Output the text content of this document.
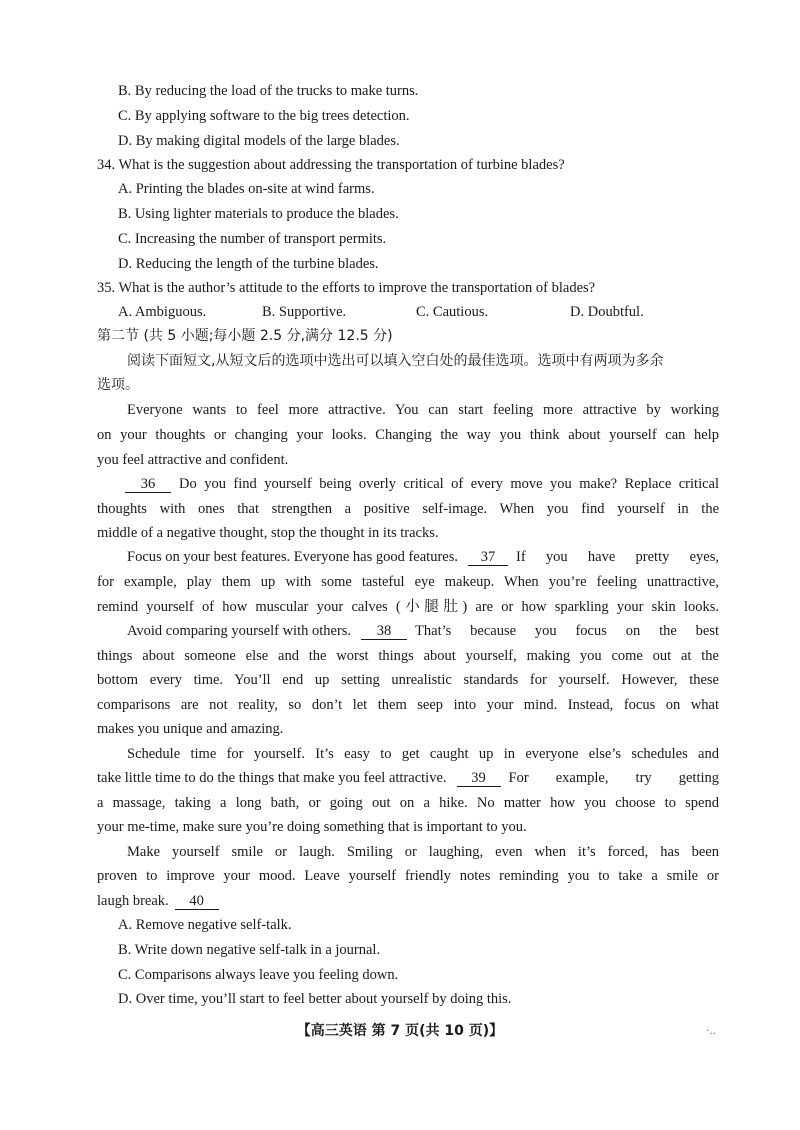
B. By reducing the load of the trucks to make turns.
C. By applying software to the big trees detection.
D. By making digital models of the large blades.
34. What is the suggestion about addressing the transportation of turbine blades?
A. Printing the blades on-site at wind farms.
B. Using lighter materials to produce the blades.
C. Increasing the number of transport permits.
D. Reducing the length of the turbine blades.
35. What is the author’s attitude to the efforts to improve the transportation of blades?
A. Ambiguous.	B. Supportive.	C. Cautious.	D. Doubtful.
第二节 (共 5 小题;每小题 2.5 分,满分 12.5 分)
阅读下面短文,从短文后的选项中选出可以填入空白处的最佳选项。选项中有两项为多余
选项。
Everyone wants to feel more attractive. You can start feeling more attractive by working
on your thoughts or changing your looks. Changing the way you think about yourself can help
you feel attractive and confident.
36	Do you find yourself being overly critical of every move you make? Replace critical
thoughts with ones that strengthen a positive self-image. When you find yourself in the
middle of a negative thought, stop the thought in its tracks.
Focus on your best features. Everyone has good features.	37	If you have pretty eyes,
for example, play them up with some tasteful eye makeup. When you’re feeling unattractive,
remind yourself of how muscular your calves (小腿肚) are or how sparkling your skin looks.
Avoid comparing yourself with others.	38	That’s because you focus on the best
things about someone else and the worst things about yourself, making you come out at the
bottom every time. You’ll end up setting unrealistic standards for yourself. However, these
comparisons are not reality, so don’t let them seep into your mind. Instead, focus on what
makes you unique and amazing.
Schedule time for yourself. It’s easy to get caught up in everyone else’s schedules and
take little time to do the things that make you feel attractive.	39	For example, try getting
a massage, taking a long bath, or going out on a hike. No matter how you choose to spend
your me-time, make sure you’re doing something that is important to you.
Make yourself smile or laugh. Smiling or laughing, even when it’s forced, has been
proven to improve your mood. Leave yourself friendly notes reminding you to take a smile or
laugh break.	40
A. Remove negative self-talk.
B. Write down negative self-talk in a journal.
C. Comparisons always leave you feeling down.
D. Over time, you’ll start to feel better about yourself by doing this.
【高三英语 第 7 页(共 10 页)】	·‥
